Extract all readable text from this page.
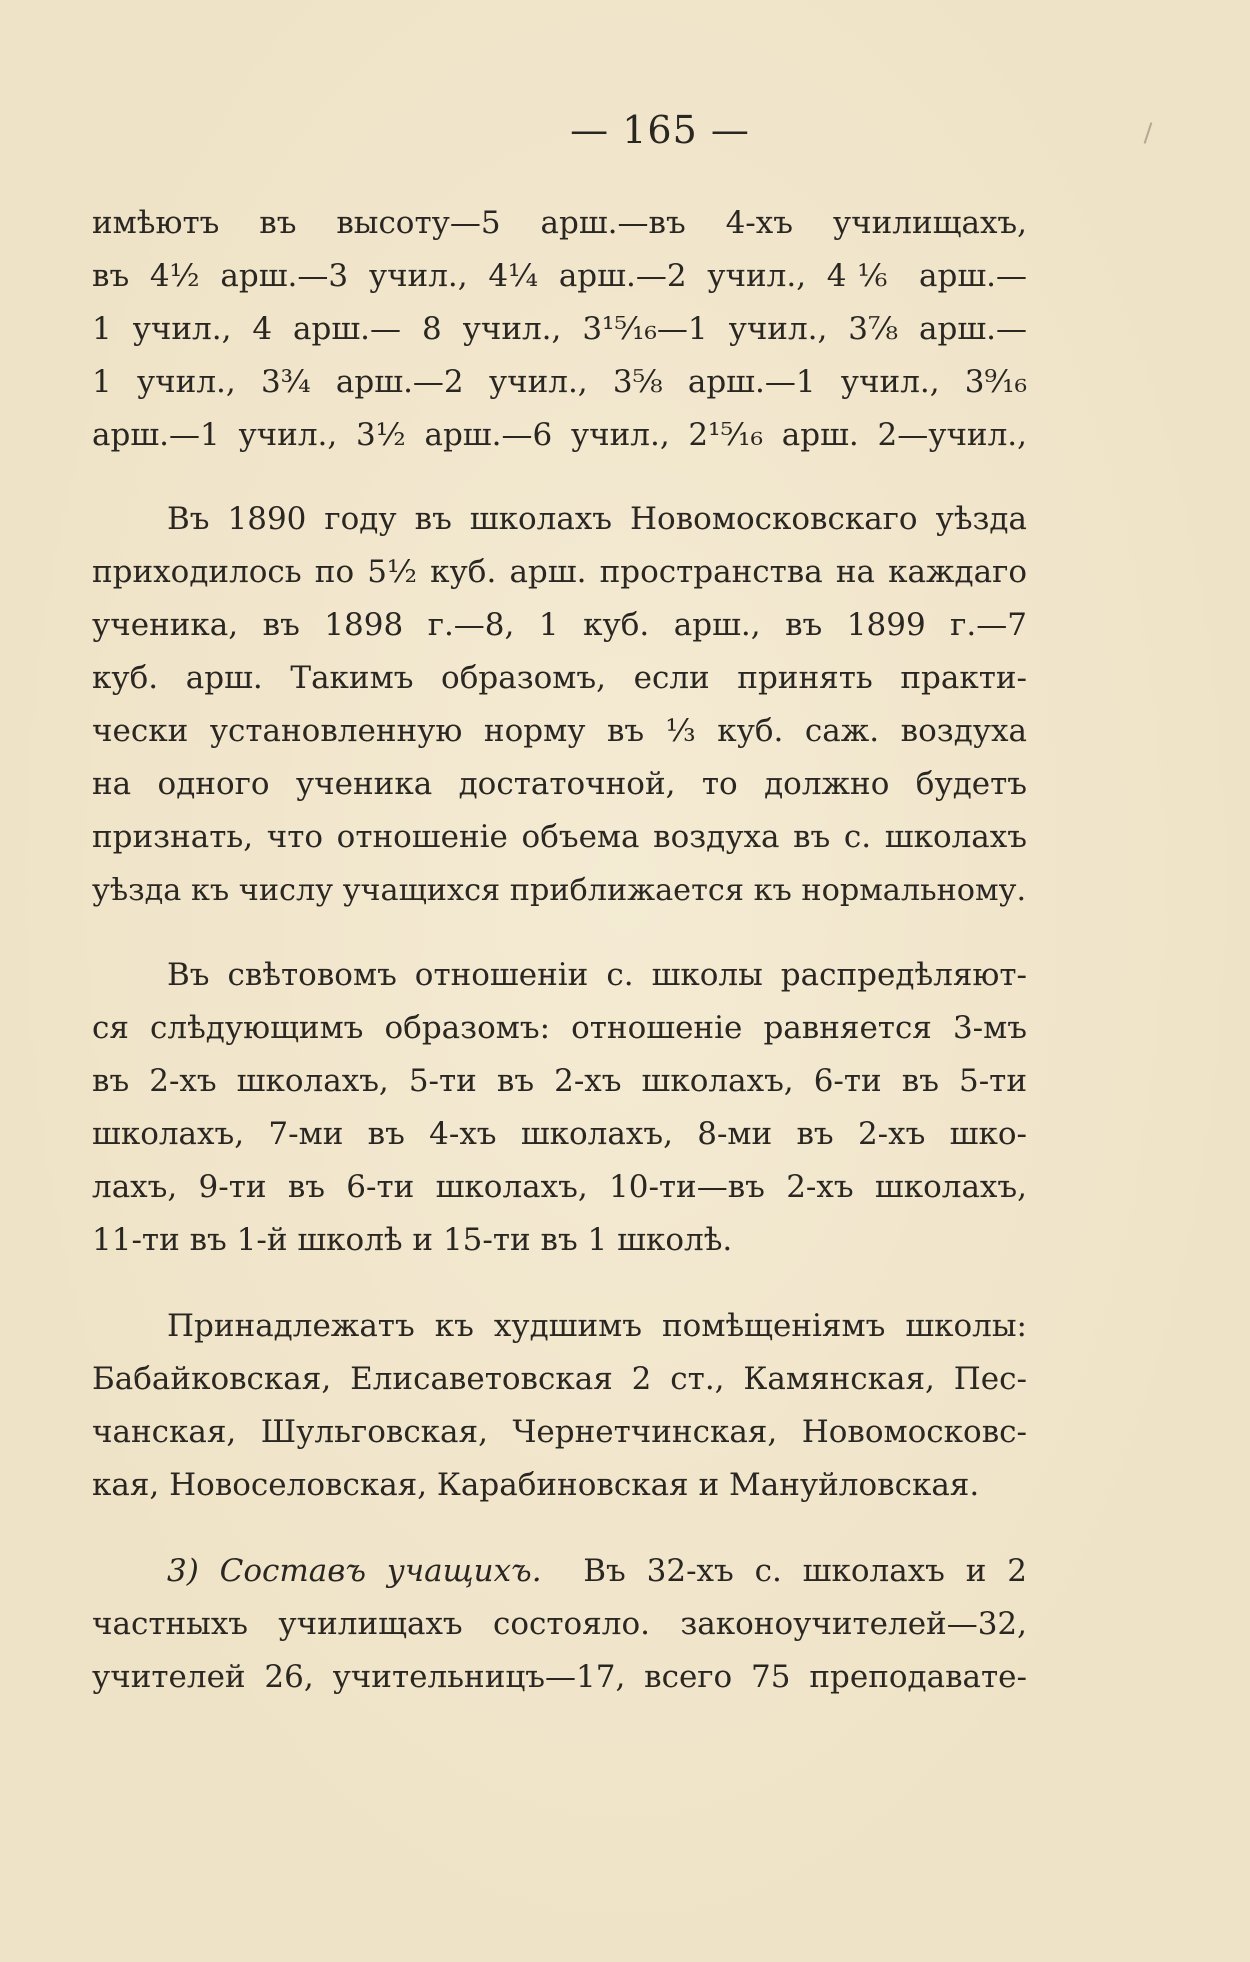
— 165 —
имѣютъ въ высоту—5 арш.—въ 4-хъ училищахъ,
въ 4½ арш.—3 учил., 4¼ арш.—2 учил., 4⅙ арш.—
1 учил., 4 арш.— 8 учил., 3¹⁵⁄₁₆—1 учил., 3⅞ арш.—
1 учил., 3¾ арш.—2 учил., 3⅝ арш.—1 учил., 3⁹⁄₁₆
арш.—1 учил., 3½ арш.—6 учил., 2¹⁵⁄₁₆ арш. 2—учил.,
Въ 1890 году въ школахъ Новомосковскаго уѣзда
приходилось по 5½ куб. арш. пространства на каждаго
ученика, въ 1898 г.—8, 1 куб. арш., въ 1899 г.—7
куб. арш. Такимъ образомъ, если принять практи-
чески установленную норму въ ⅓ куб. саж. воздуха
на одного ученика достаточной, то должно будетъ
признать, что отношеніе объема воздуха въ с. школахъ
уѣзда къ числу учащихся приближается къ нормальному.
Въ свѣтовомъ отношеніи с. школы распредѣляют-
ся слѣдующимъ образомъ: отношеніе равняется 3-мъ
въ 2-хъ школахъ, 5-ти въ 2-хъ школахъ, 6-ти въ 5-ти
школахъ, 7-ми въ 4-хъ школахъ, 8-ми въ 2-хъ шко-
лахъ, 9-ти въ 6-ти школахъ, 10-ти—въ 2-хъ школахъ,
11-ти въ 1-й школѣ и 15-ти въ 1 школѣ.
Принадлежатъ къ худшимъ помѣщеніямъ школы:
Бабайковская, Елисаветовская 2 ст., Камянская, Пес-
чанская, Шульговская, Чернетчинская, Новомосковс-
кая, Новоселовская, Карабиновская и Мануйловская.
3) Составъ учащихъ. Въ 32-хъ с. школахъ и 2
частныхъ училищахъ состояло. законоучителей—32,
учителей 26, учительницъ—17, всего 75 преподавате-
